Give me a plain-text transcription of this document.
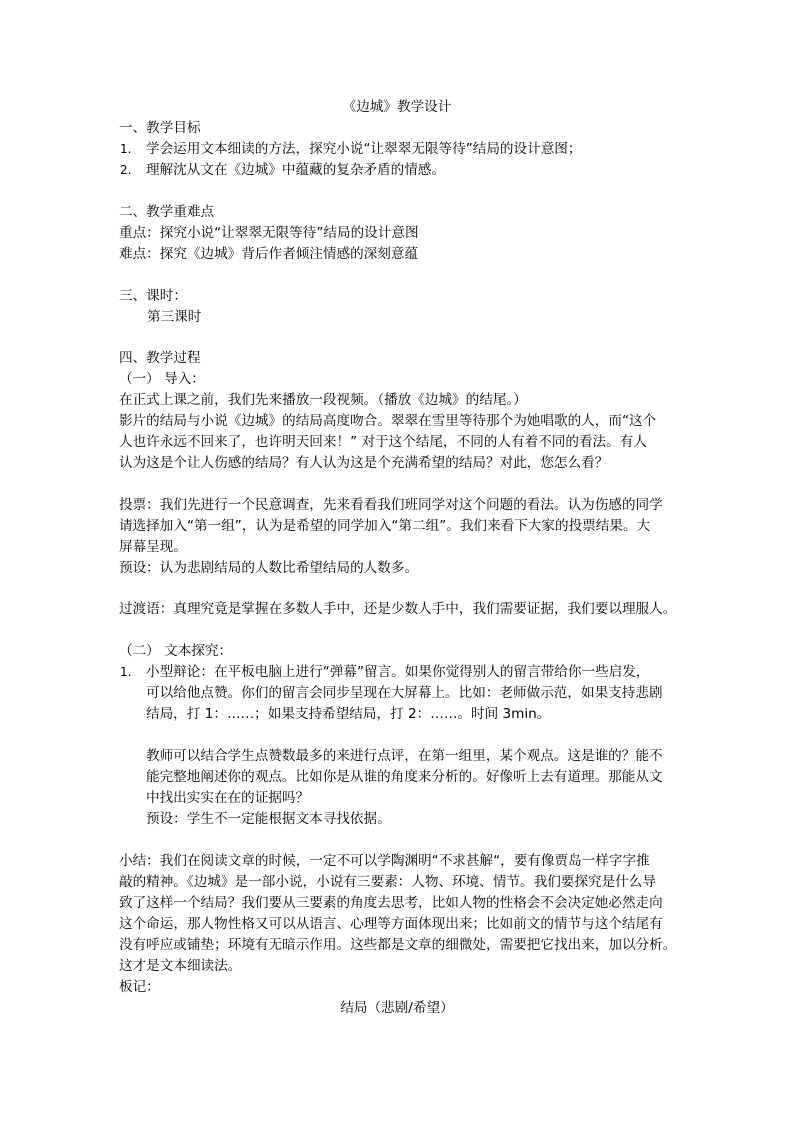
《边城》教学设计
一、教学目标
1. 学会运用文本细读的方法，探究小说“让翠翠无限等待”结局的设计意图；
2. 理解沈从文在《边城》中蕴藏的复杂矛盾的情感。
二、教学重难点
重点：探究小说“让翠翠无限等待”结局的设计意图
难点：探究《边城》背后作者倾注情感的深刻意蕴
三、课时：
第三课时
四、教学过程
（一） 导入：
在正式上课之前，我们先来播放一段视频。（播放《边城》的结尾。）
影片的结局与小说《边城》的结局高度吻合。翠翠在雪里等待那个为她唱歌的人，而“这个
人也许永远不回来了，也许明天回来！” 对于这个结尾，不同的人有着不同的看法。有人
认为这是个让人伤感的结局？有人认为这是个充满希望的结局？对此，您怎么看？
投票：我们先进行一个民意调查，先来看看我们班同学对这个问题的看法。认为伤感的同学
请选择加入“第一组”，认为是希望的同学加入“第二组”。我们来看下大家的投票结果。大
屏幕呈现。
预设：认为悲剧结局的人数比希望结局的人数多。
过渡语：真理究竟是掌握在多数人手中，还是少数人手中，我们需要证据，我们要以理服人。
（二） 文本探究：
1. 小型辩论：在平板电脑上进行“弹幕”留言。如果你觉得别人的留言带给你一些启发，
可以给他点赞。你们的留言会同步呈现在大屏幕上。比如：老师做示范，如果支持悲剧
结局，打 1：……；如果支持希望结局，打 2：……。时间 3min。
教师可以结合学生点赞数最多的来进行点评，在第一组里，某个观点。这是谁的？能不
能完整地阐述你的观点。比如你是从谁的角度来分析的。好像听上去有道理。那能从文
中找出实实在在的证据吗？
预设：学生不一定能根据文本寻找依据。
小结：我们在阅读文章的时候，一定不可以学陶渊明“不求甚解“，要有像贾岛一样字字推
敲的精神。《边城》是一部小说，小说有三要素：人物、环境、情节。我们要探究是什么导
致了这样一个结局？我们要从三要素的角度去思考，比如人物的性格会不会决定她必然走向
这个命运，那人物性格又可以从语言、心理等方面体现出来；比如前文的情节与这个结尾有
没有呼应或铺垫；环境有无暗示作用。这些都是文章的细微处，需要把它找出来，加以分析。
这才是文本细读法。
板记：
结局（悲剧/希望）
